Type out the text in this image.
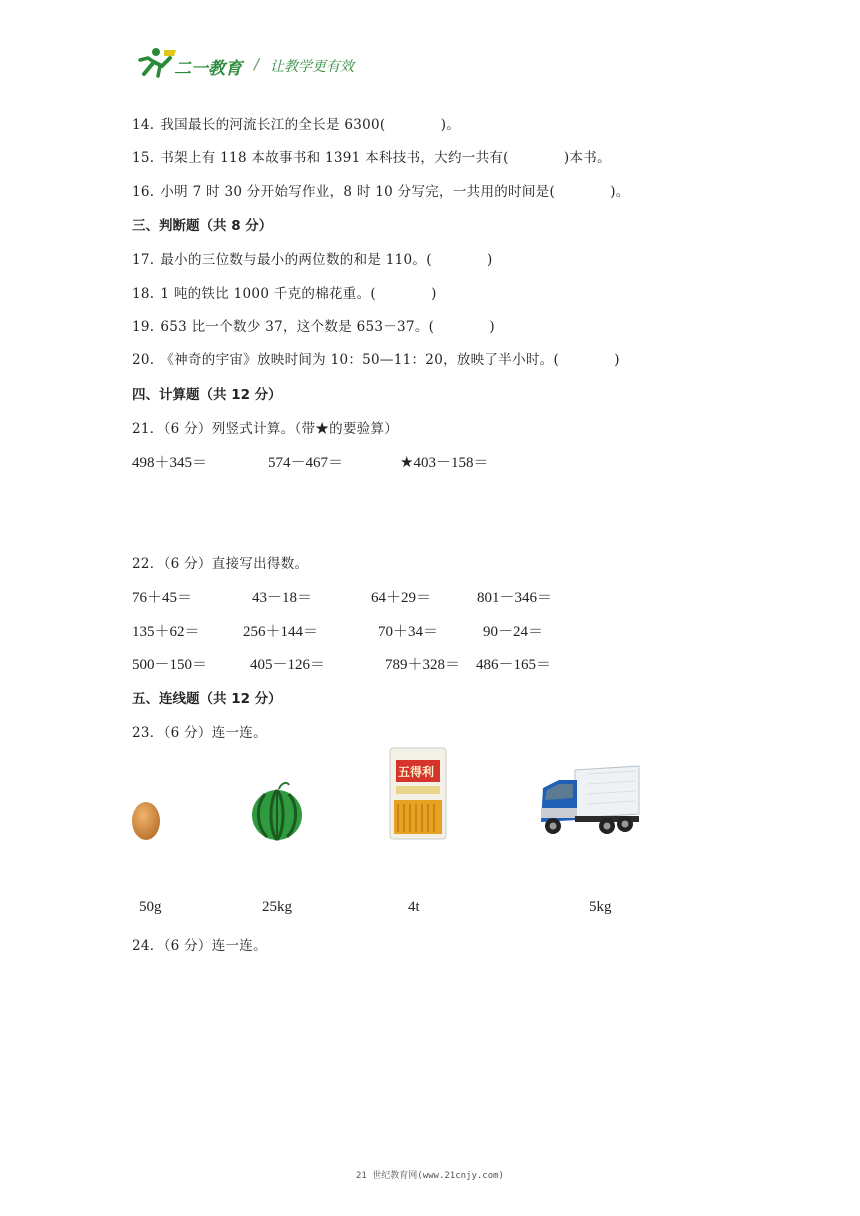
二一教育 / 让教学更有效
14. 我国最长的河流长江的全长是 6300(　　　　)。
15. 书架上有 118 本故事书和 1391 本科技书，大约一共有(　　　　)本书。
16. 小明 7 时 30 分开始写作业，8 时 10 分写完，一共用的时间是(　　　　)。
三、判断题（共 8 分）
17. 最小的三位数与最小的两位数的和是 110。(　　　　)
18. 1 吨的铁比 1000 千克的棉花重。(　　　　)
19. 653 比一个数少 37，这个数是 653－37。(　　　　)
20. 《神奇的宇宙》放映时间为 10：50—11：20，放映了半小时。(　　　　)
四、计算题（共 12 分）
21．（6 分）列竖式计算。（带★的要验算）
498＋345＝	574－467＝	★403－158＝
22．（6 分）直接写出得数。
76＋45＝	43－18＝	64＋29＝	801－346＝
135＋62＝	256＋144＝	70＋34＝	90－24＝
500－150＝	405－126＝	789＋328＝ 486－165＝
五、连线题（共 12 分）
23．（6 分）连一连。
五得利
50g	25kg	4t	5kg
24．（6 分）连一连。
21 世纪教育网(www.21cnjy.com)
